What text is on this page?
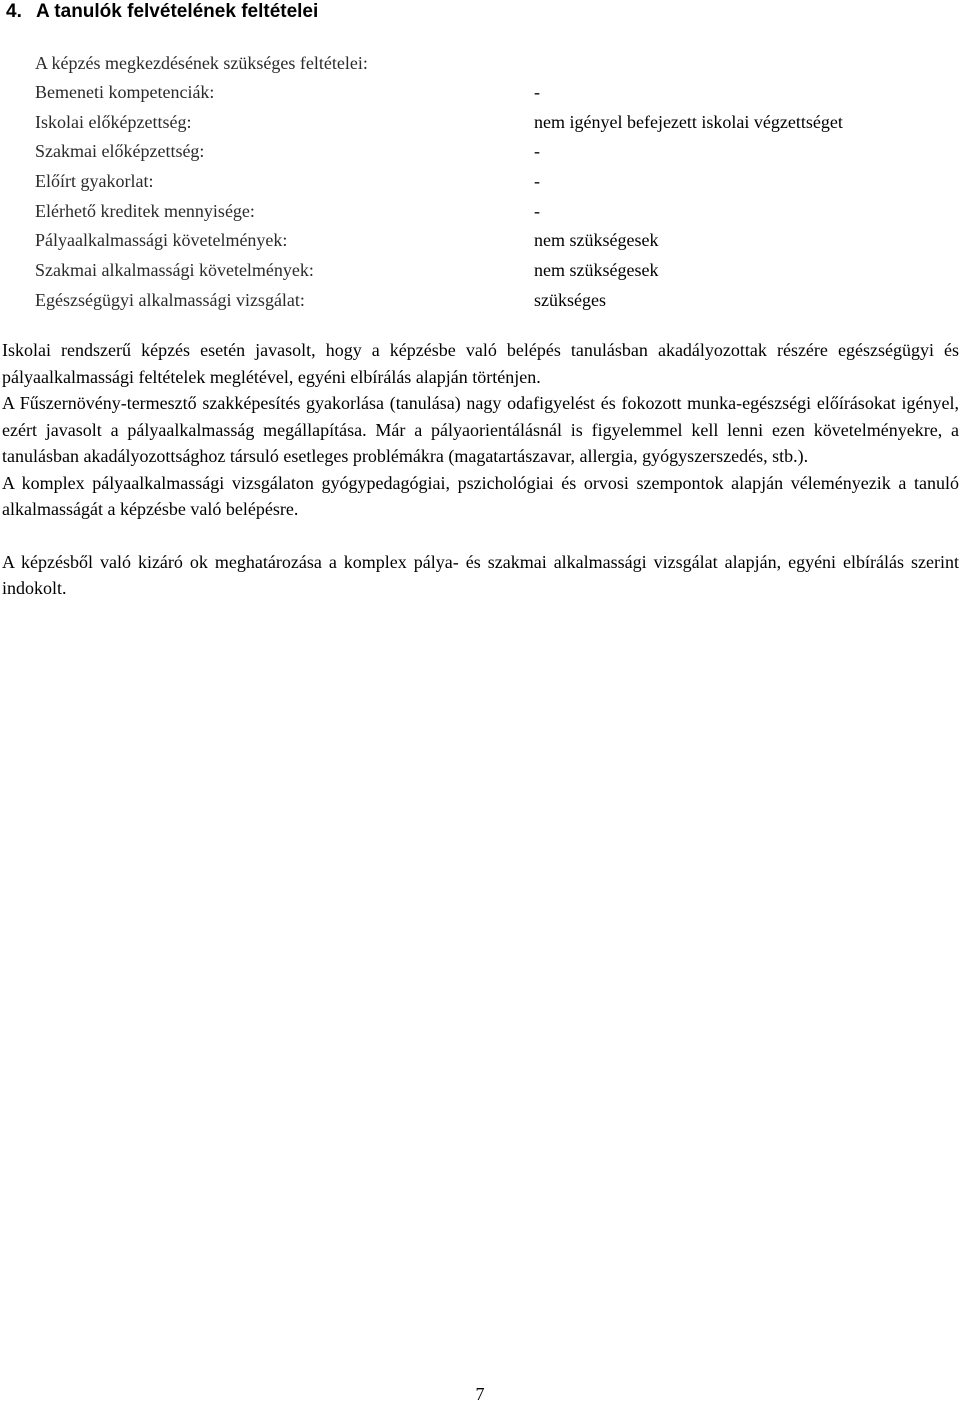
4. A tanulók felvételének feltételei
A képzés megkezdésének szükséges feltételei:
Bemeneti kompetenciák:	-
Iskolai előképzettség:	nem igényel befejezett iskolai végzettséget
Szakmai előképzettség:	-
Előírt gyakorlat:	-
Elérhető kreditek mennyisége:	-
Pályaalkalmassági követelmények:	nem szükségesek
Szakmai alkalmassági követelmények:	nem szükségesek
Egészségügyi alkalmassági vizsgálat:	szükséges

Iskolai rendszerű képzés esetén javasolt, hogy a képzésbe való belépés tanulásban akadályozottak részére egészségügyi és pályaalkalmassági feltételek meglétével, egyéni elbírálás alapján történjen.

A Fűszernövény-termesztő szakképesítés gyakorlása (tanulása) nagy odafigyelést és fokozott munka-egészségi előírásokat igényel, ezért javasolt a pályaalkalmasság megállapítása. Már a pályaorientálásnál is figyelemmel kell lenni ezen követelményekre, a tanulásban akadályozottsághoz társuló esetleges problémákra (magatartászavar, allergia, gyógyszerszedés, stb.).

A komplex pályaalkalmassági vizsgálaton gyógypedagógiai, pszichológiai és orvosi szempontok alapján véleményezik a tanuló alkalmasságát a képzésbe való belépésre.

A képzésből való kizáró ok meghatározása a komplex pálya- és szakmai alkalmassági vizsgálat alapján, egyéni elbírálás szerint indokolt.

7
